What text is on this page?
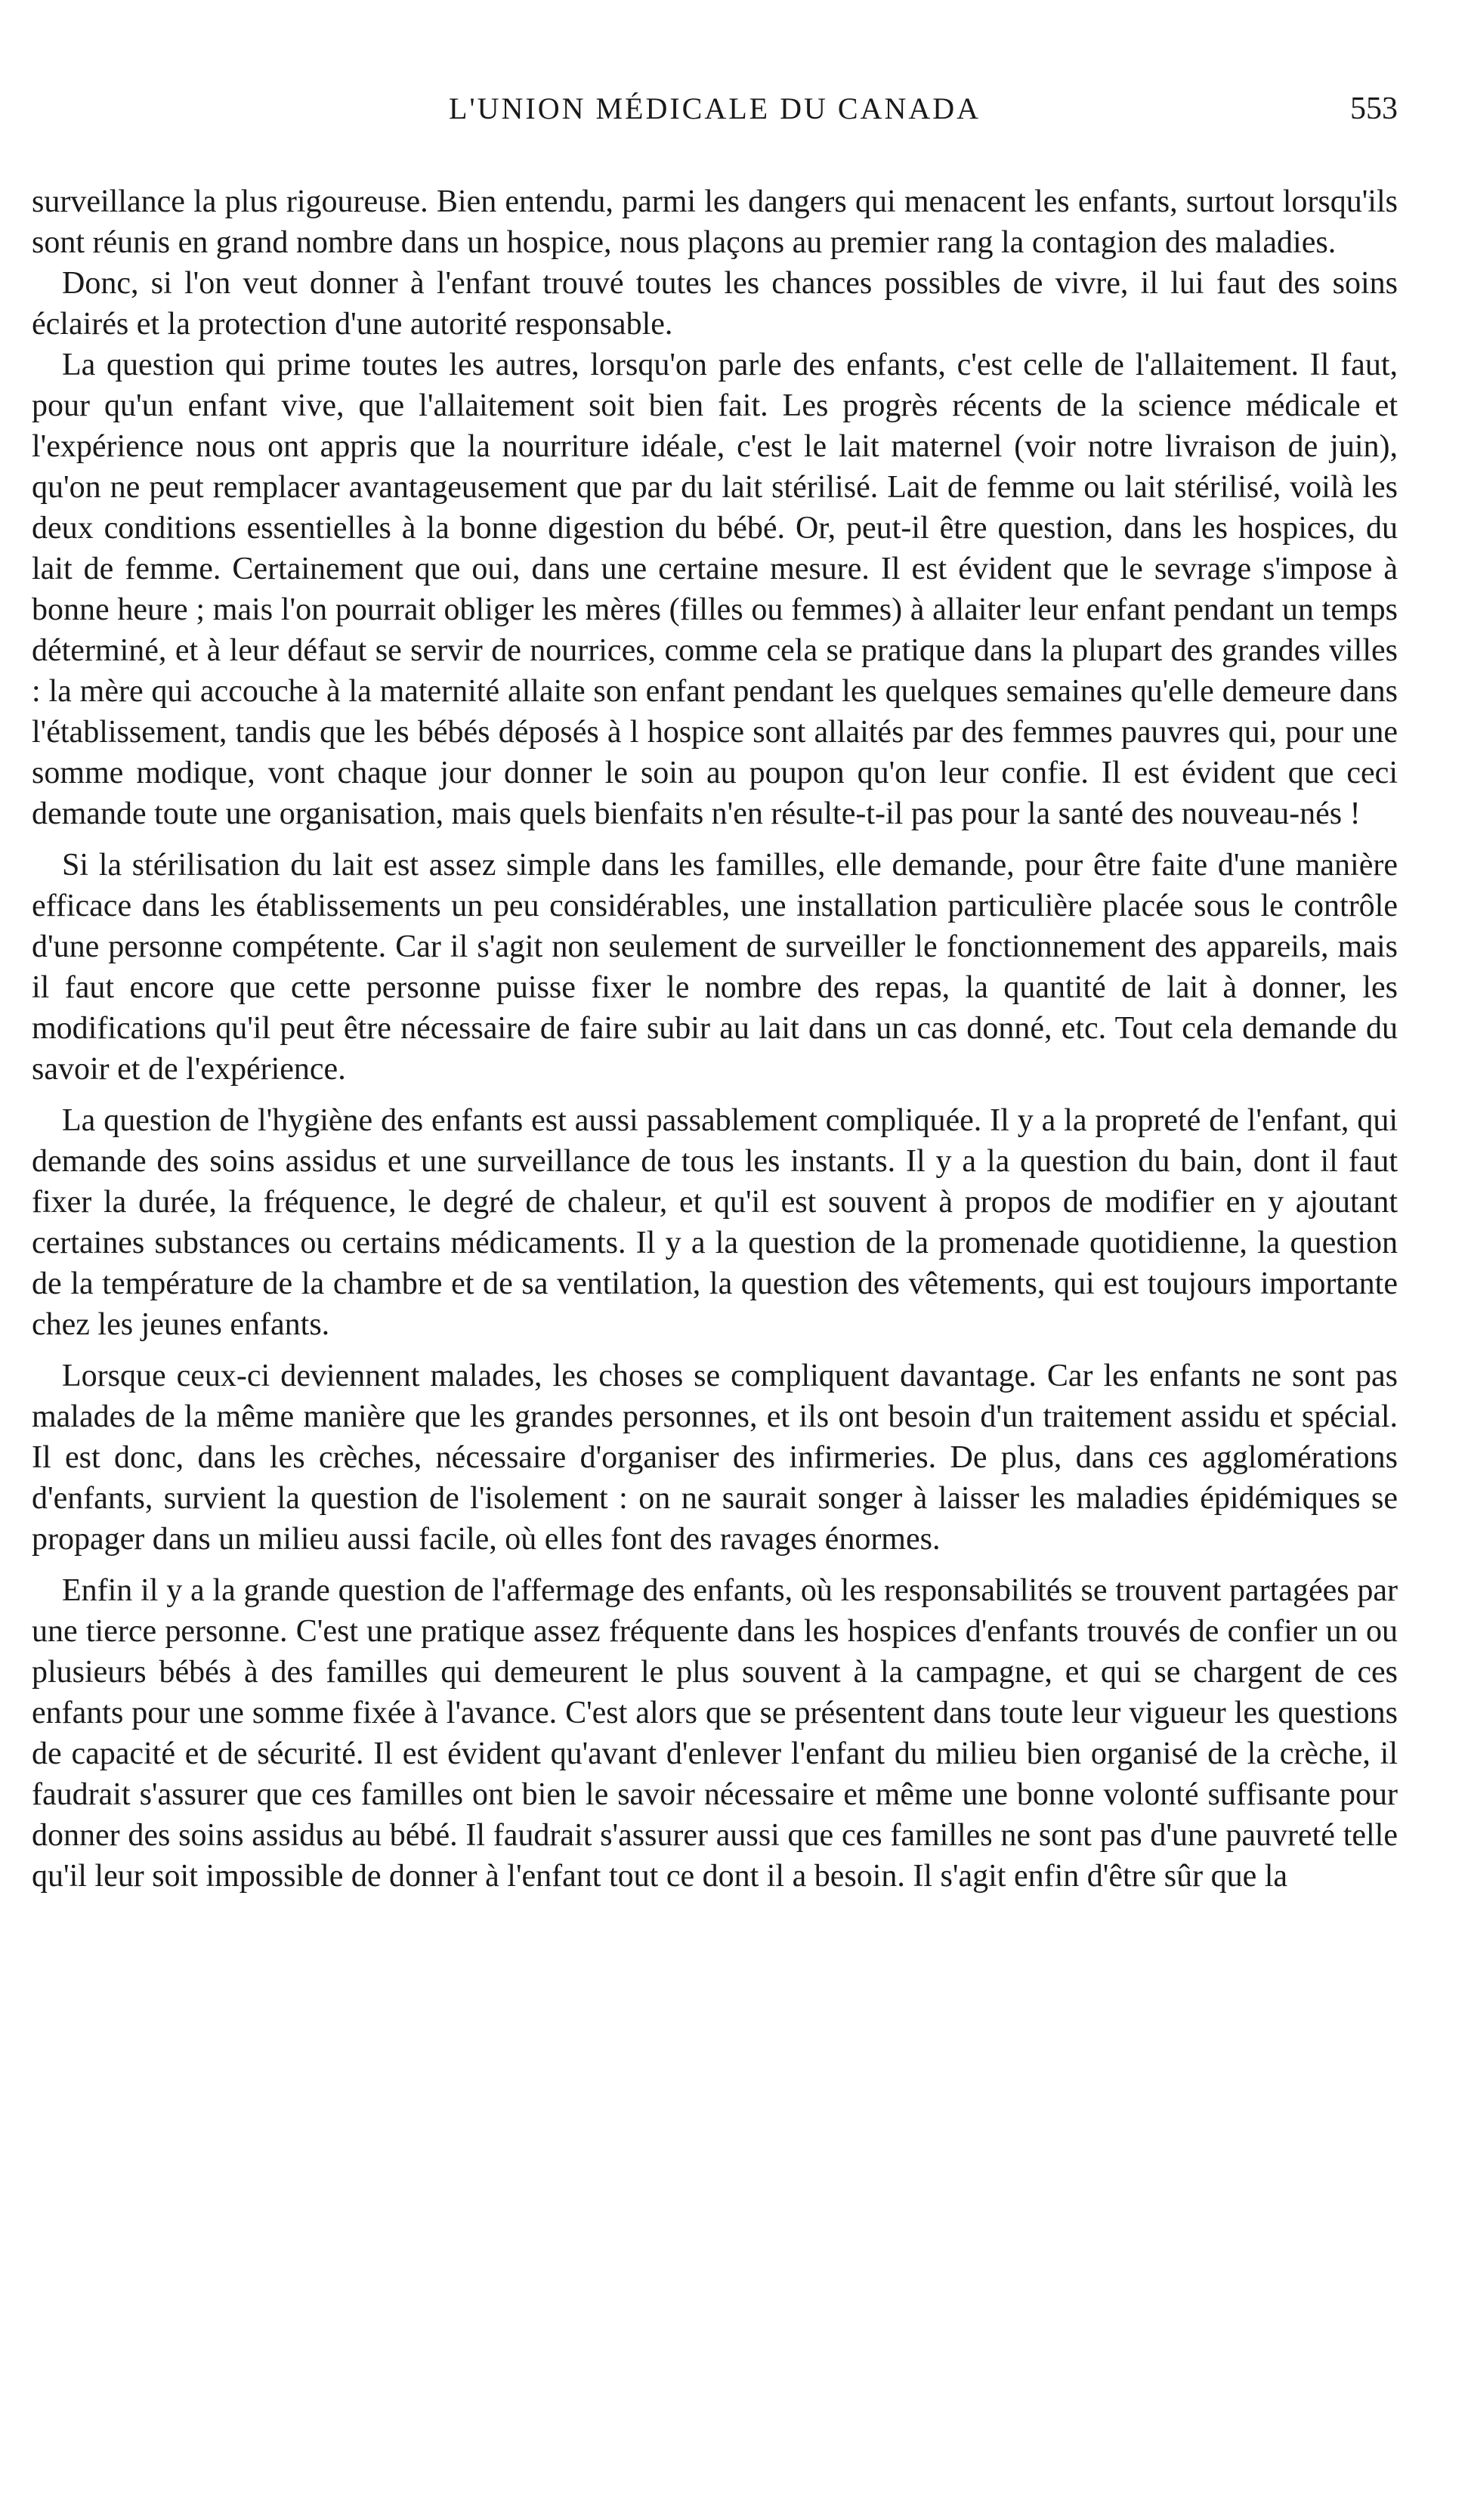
L'UNION MÉDICALE DU CANADA	553

surveillance la plus rigoureuse. Bien entendu, parmi les dangers qui menacent les enfants, surtout lorsqu'ils sont réunis en grand nombre dans un hospice, nous plaçons au premier rang la contagion des maladies.

Donc, si l'on veut donner à l'enfant trouvé toutes les chances possibles de vivre, il lui faut des soins éclairés et la protection d'une autorité responsable.

La question qui prime toutes les autres, lorsqu'on parle des enfants, c'est celle de l'allaitement. Il faut, pour qu'un enfant vive, que l'allaitement soit bien fait. Les progrès récents de la science médicale et l'expérience nous ont appris que la nourriture idéale, c'est le lait maternel (voir notre livraison de juin), qu'on ne peut remplacer avantageusement que par du lait stérilisé. Lait de femme ou lait stérilisé, voilà les deux conditions essentielles à la bonne digestion du bébé. Or, peut-il être question, dans les hospices, du lait de femme. Certainement que oui, dans une certaine mesure. Il est évident que le sevrage s'impose à bonne heure ; mais l'on pourrait obliger les mères (filles ou femmes) à allaiter leur enfant pendant un temps déterminé, et à leur défaut se servir de nourrices, comme cela se pratique dans la plupart des grandes villes : la mère qui accouche à la maternité allaite son enfant pendant les quelques semaines qu'elle demeure dans l'établissement, tandis que les bébés déposés à l hospice sont allaités par des femmes pauvres qui, pour une somme modique, vont chaque jour donner le soin au poupon qu'on leur confie. Il est évident que ceci demande toute une organisation, mais quels bienfaits n'en résulte-t-il pas pour la santé des nouveau-nés !

Si la stérilisation du lait est assez simple dans les familles, elle demande, pour être faite d'une manière efficace dans les établissements un peu considérables, une installation particulière placée sous le contrôle d'une personne compétente. Car il s'agit non seulement de surveiller le fonctionnement des appareils, mais il faut encore que cette personne puisse fixer le nombre des repas, la quantité de lait à donner, les modifications qu'il peut être nécessaire de faire subir au lait dans un cas donné, etc. Tout cela demande du savoir et de l'expérience.

La question de l'hygiène des enfants est aussi passablement compliquée. Il y a la propreté de l'enfant, qui demande des soins assidus et une surveillance de tous les instants. Il y a la question du bain, dont il faut fixer la durée, la fréquence, le degré de chaleur, et qu'il est souvent à propos de modifier en y ajoutant certaines substances ou certains médicaments. Il y a la question de la promenade quotidienne, la question de la température de la chambre et de sa ventilation, la question des vêtements, qui est toujours importante chez les jeunes enfants.

Lorsque ceux-ci deviennent malades, les choses se compliquent davantage. Car les enfants ne sont pas malades de la même manière que les grandes personnes, et ils ont besoin d'un traitement assidu et spécial. Il est donc, dans les crèches, nécessaire d'organiser des infirmeries. De plus, dans ces agglomérations d'enfants, survient la question de l'isolement : on ne saurait songer à laisser les maladies épidémiques se propager dans un milieu aussi facile, où elles font des ravages énormes.

Enfin il y a la grande question de l'affermage des enfants, où les responsabilités se trouvent partagées par une tierce personne. C'est une pratique assez fréquente dans les hospices d'enfants trouvés de confier un ou plusieurs bébés à des familles qui demeurent le plus souvent à la campagne, et qui se chargent de ces enfants pour une somme fixée à l'avance. C'est alors que se présentent dans toute leur vigueur les questions de capacité et de sécurité. Il est évident qu'avant d'enlever l'enfant du milieu bien organisé de la crèche, il faudrait s'assurer que ces familles ont bien le savoir nécessaire et même une bonne volonté suffisante pour donner des soins assidus au bébé. Il faudrait s'assurer aussi que ces familles ne sont pas d'une pauvreté telle qu'il leur soit impossible de donner à l'enfant tout ce dont il a besoin. Il s'agit enfin d'être sûr que la
